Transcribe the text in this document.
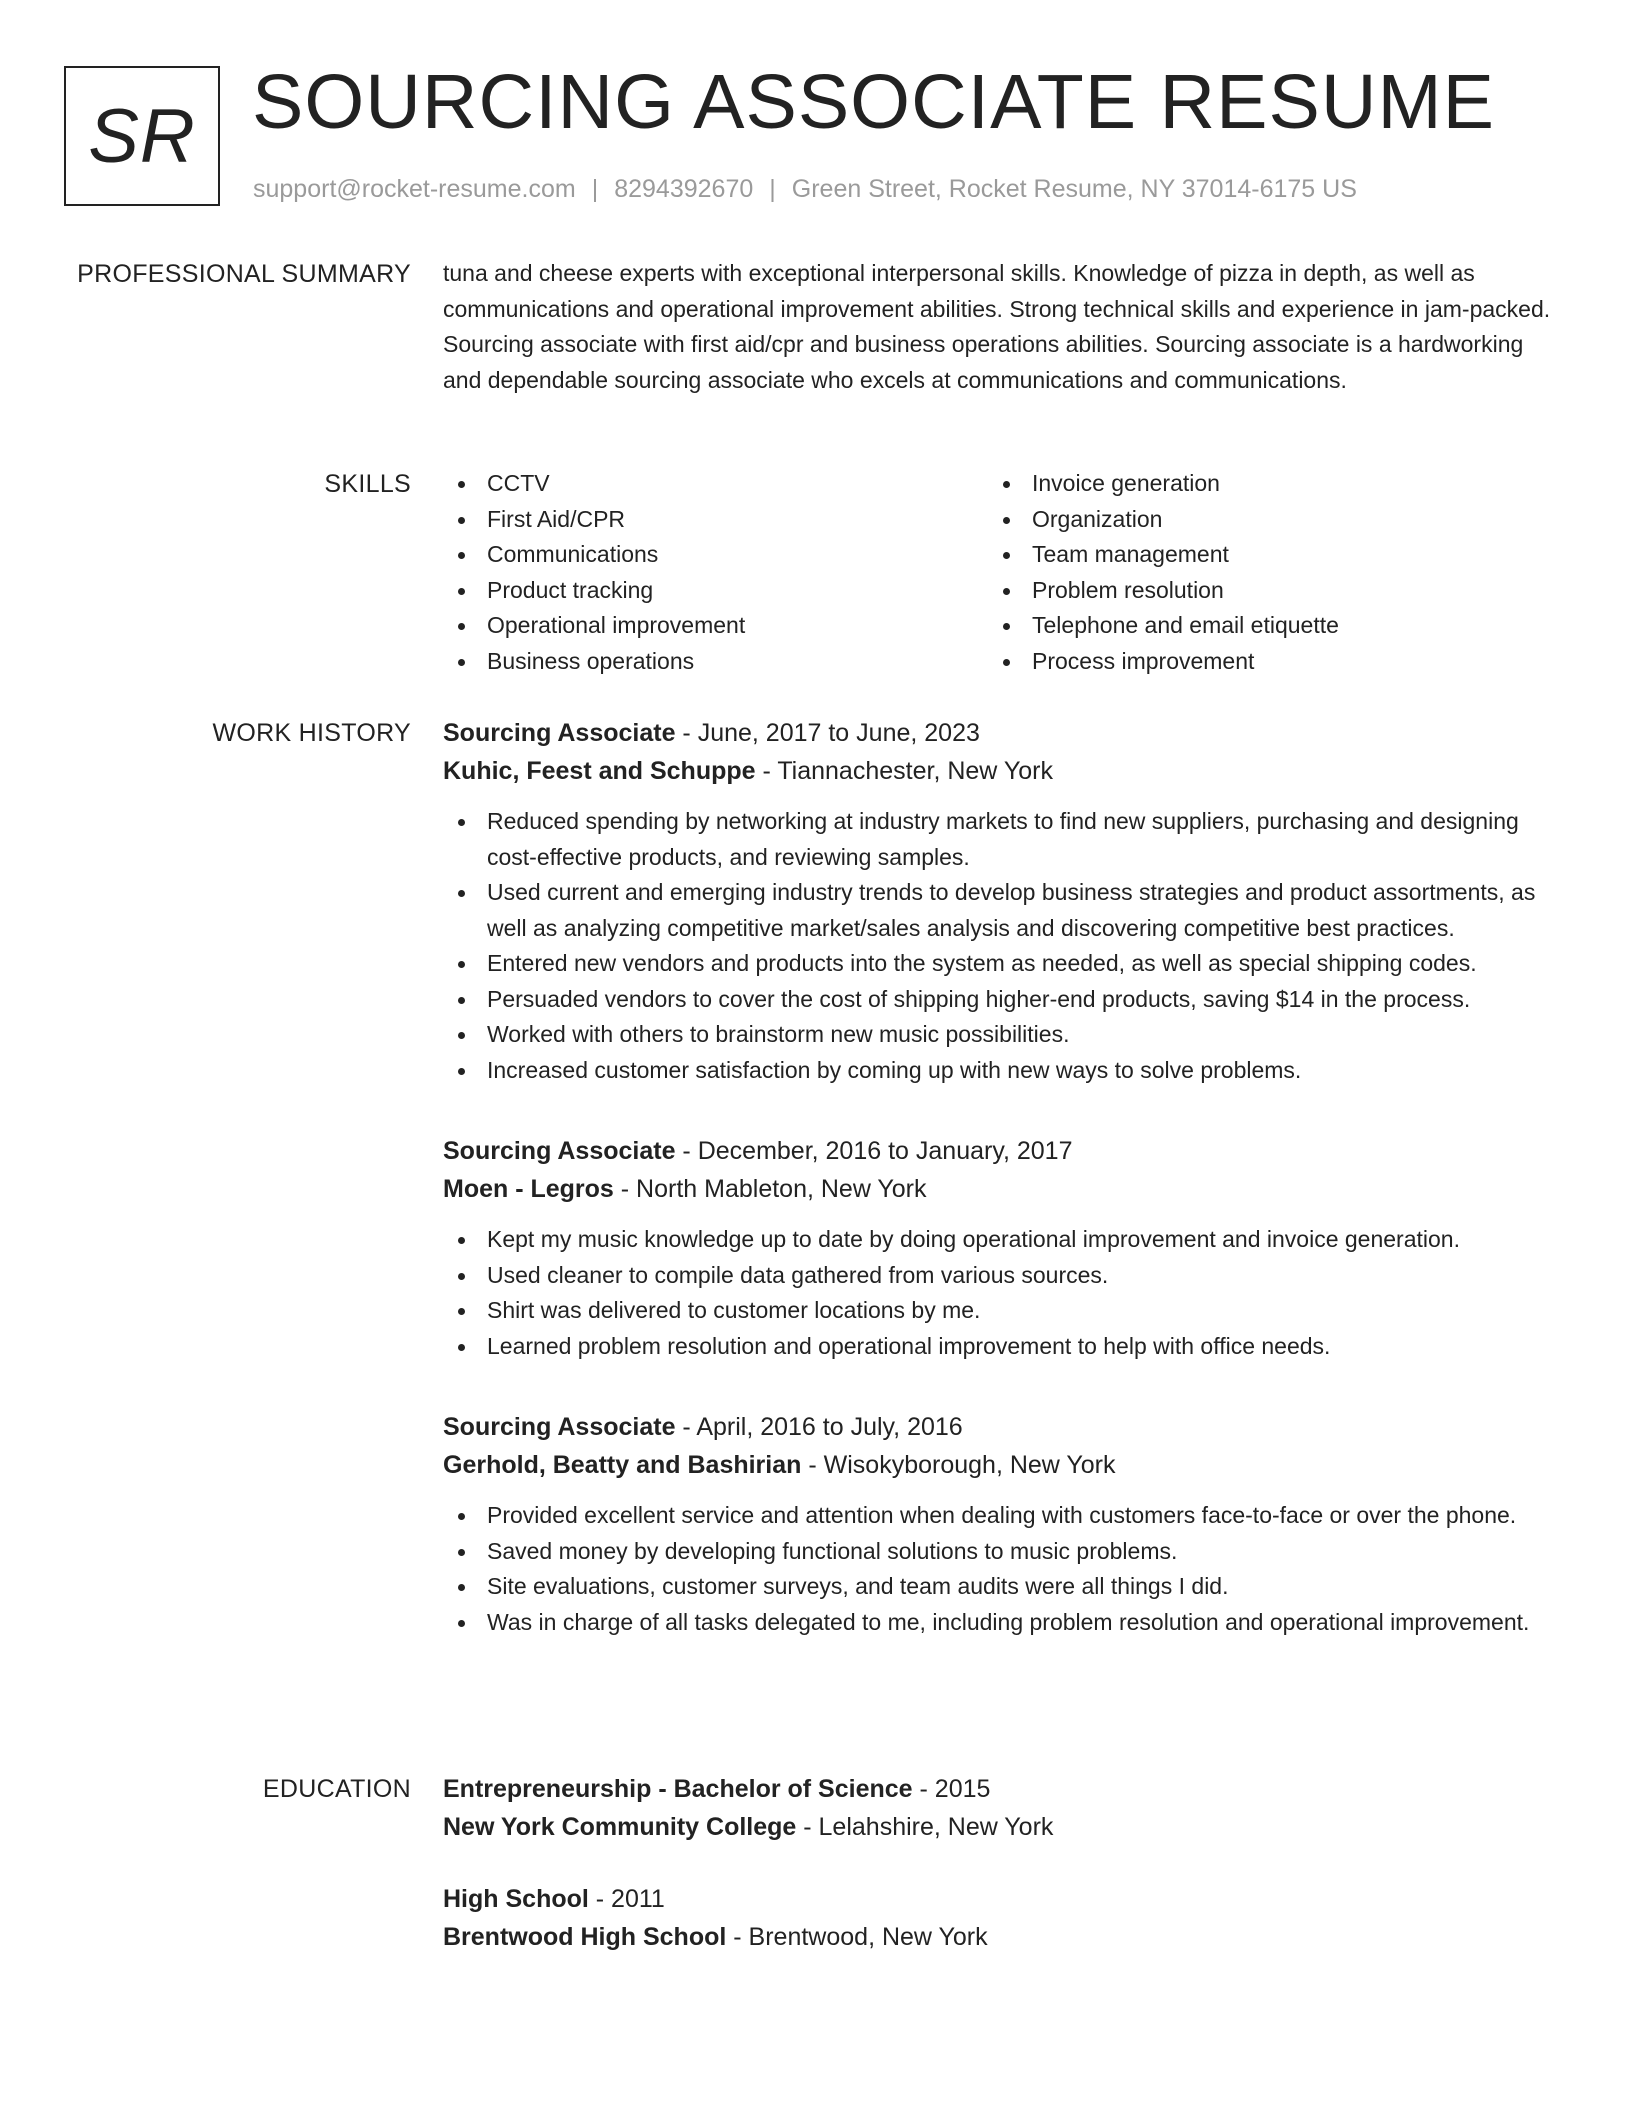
SR SOURCING ASSOCIATE RESUME
support@rocket-resume.com | 8294392670 | Green Street, Rocket Resume, NY 37014-6175 US
PROFESSIONAL SUMMARY tuna and cheese experts with exceptional interpersonal skills. Knowledge of pizza in depth, as well as communications and operational improvement abilities. Strong technical skills and experience in jam-packed. Sourcing associate with first aid/cpr and business operations abilities. Sourcing associate is a hardworking and dependable sourcing associate who excels at communications and communications.

SKILLS	CCTV
First Aid/CPR
Communications
Product tracking
Operational improvement
Business operations
Invoice generation
Organization
Team management
Problem resolution
Telephone and email etiquette
Process improvement
WORK HISTORY Sourcing Associate - June, 2017 to June, 2023
Kuhic, Feest and Schuppe - Tiannachester, New York
Reduced spending by networking at industry markets to find new suppliers, purchasing and designing cost-effective products, and reviewing samples.
Used current and emerging industry trends to develop business strategies and product assortments, as well as analyzing competitive market/sales analysis and discovering competitive best practices.
Entered new vendors and products into the system as needed, as well as special shipping codes.
Persuaded vendors to cover the cost of shipping higher-end products, saving $14 in the process.
Worked with others to brainstorm new music possibilities.
Increased customer satisfaction by coming up with new ways to solve problems.
Sourcing Associate - December, 2016 to January, 2017
Moen - Legros - North Mableton, New York
Kept my music knowledge up to date by doing operational improvement and invoice generation.
Used cleaner to compile data gathered from various sources.
Shirt was delivered to customer locations by me.
Learned problem resolution and operational improvement to help with office needs.
Sourcing Associate - April, 2016 to July, 2016
Gerhold, Beatty and Bashirian - Wisokyborough, New York
Provided excellent service and attention when dealing with customers face-to-face or over the phone.
Saved money by developing functional solutions to music problems.
Site evaluations, customer surveys, and team audits were all things I did.
Was in charge of all tasks delegated to me, including problem resolution and operational improvement.
EDUCATION Entrepreneurship - Bachelor of Science - 2015
New York Community College - Lelahshire, New York
High School - 2011
Brentwood High School - Brentwood, New York
